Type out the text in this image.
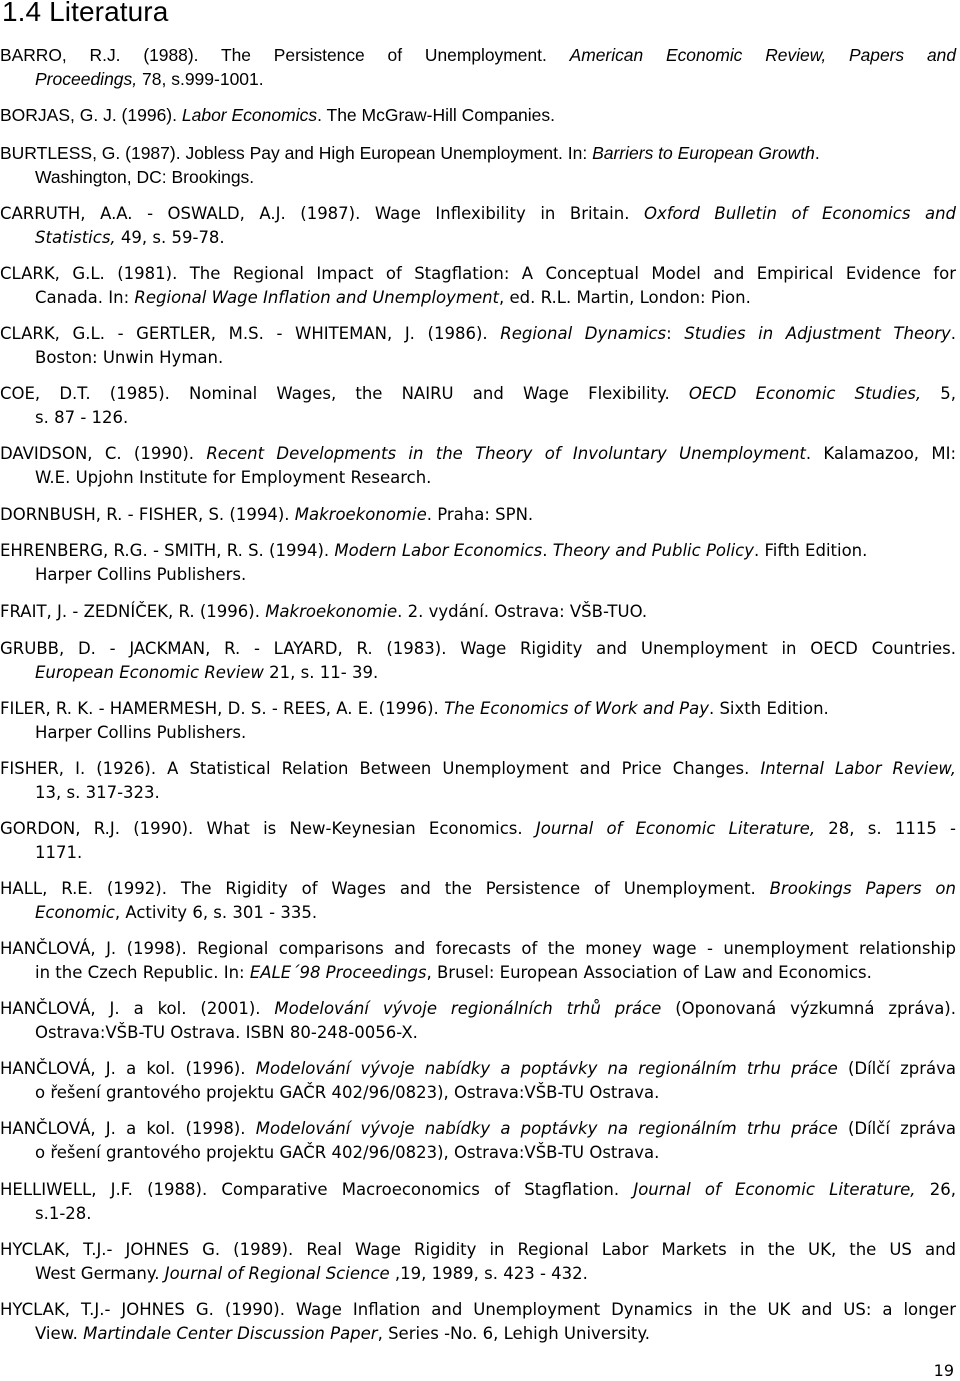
1.4 Literatura
BARRO, R.J. (1988). The Persistence of Unemployment. American Economic Review, Papers and
Proceedings, 78, s.999-1001.
BORJAS, G. J. (1996). Labor Economics. The McGraw-Hill Companies.
BURTLESS, G. (1987). Jobless Pay and High European Unemployment. In: Barriers to European Growth.
Washington, DC: Brookings.
CARRUTH, A.A. - OSWALD, A.J. (1987). Wage Inflexibility in Britain. Oxford Bulletin of Economics and
Statistics, 49, s. 59-78.
CLARK, G.L. (1981). The Regional Impact of Stagflation: A Conceptual Model and Empirical Evidence for
Canada. In: Regional Wage Inflation and Unemployment, ed. R.L. Martin, London: Pion.
CLARK, G.L. - GERTLER, M.S. - WHITEMAN, J. (1986). Regional Dynamics: Studies in Adjustment Theory.
Boston: Unwin Hyman.
COE, D.T. (1985). Nominal Wages, the NAIRU and Wage Flexibility. OECD Economic Studies, 5,
s. 87 - 126.
DAVIDSON, C. (1990). Recent Developments in the Theory of Involuntary Unemployment. Kalamazoo, MI:
W.E. Upjohn Institute for Employment Research.
DORNBUSH, R. - FISHER, S. (1994). Makroekonomie. Praha: SPN.
EHRENBERG, R.G. - SMITH, R. S. (1994). Modern Labor Economics. Theory and Public Policy. Fifth Edition.
Harper Collins Publishers.
FRAIT, J. - ZEDNÍČEK, R. (1996). Makroekonomie. 2. vydání. Ostrava: VŠB-TUO.
GRUBB, D. - JACKMAN, R. - LAYARD, R. (1983). Wage Rigidity and Unemployment in OECD Countries.
European Economic Review 21, s. 11- 39.
FILER, R. K. - HAMERMESH, D. S. - REES, A. E. (1996). The Economics of Work and Pay. Sixth Edition.
Harper Collins Publishers.
FISHER, I. (1926). A Statistical Relation Between Unemployment and Price Changes. Internal Labor Review,
13, s. 317-323.
GORDON, R.J. (1990). What is New-Keynesian Economics. Journal of Economic Literature, 28, s. 1115 -
1171.
HALL, R.E. (1992). The Rigidity of Wages and the Persistence of Unemployment. Brookings Papers on
Economic, Activity 6, s. 301 - 335.
HANČLOVÁ, J. (1998). Regional comparisons and forecasts of the money wage - unemployment relationship
in the Czech Republic. In: EALE´98 Proceedings, Brusel: European Association of Law and Economics.
HANČLOVÁ, J. a kol. (2001). Modelování vývoje regionálních trhů práce (Oponovaná výzkumná zpráva).
Ostrava:VŠB-TU Ostrava. ISBN 80-248-0056-X.
HANČLOVÁ, J. a kol. (1996). Modelování vývoje nabídky a poptávky na regionálním trhu práce (Dílčí zpráva
o řešení grantového projektu GAČR 402/96/0823), Ostrava:VŠB-TU Ostrava.
HANČLOVÁ, J. a kol. (1998). Modelování vývoje nabídky a poptávky na regionálním trhu práce (Dílčí zpráva
o řešení grantového projektu GAČR 402/96/0823), Ostrava:VŠB-TU Ostrava.
HELLIWELL, J.F. (1988). Comparative Macroeconomics of Stagflation. Journal of Economic Literature, 26,
s.1-28.
HYCLAK, T.J.- JOHNES G. (1989). Real Wage Rigidity in Regional Labor Markets in the UK, the US and
West Germany. Journal of Regional Science ,19, 1989, s. 423 - 432.
HYCLAK, T.J.- JOHNES G. (1990). Wage Inflation and Unemployment Dynamics in the UK and US: a longer
View. Martindale Center Discussion Paper, Series -No. 6, Lehigh University.
19
